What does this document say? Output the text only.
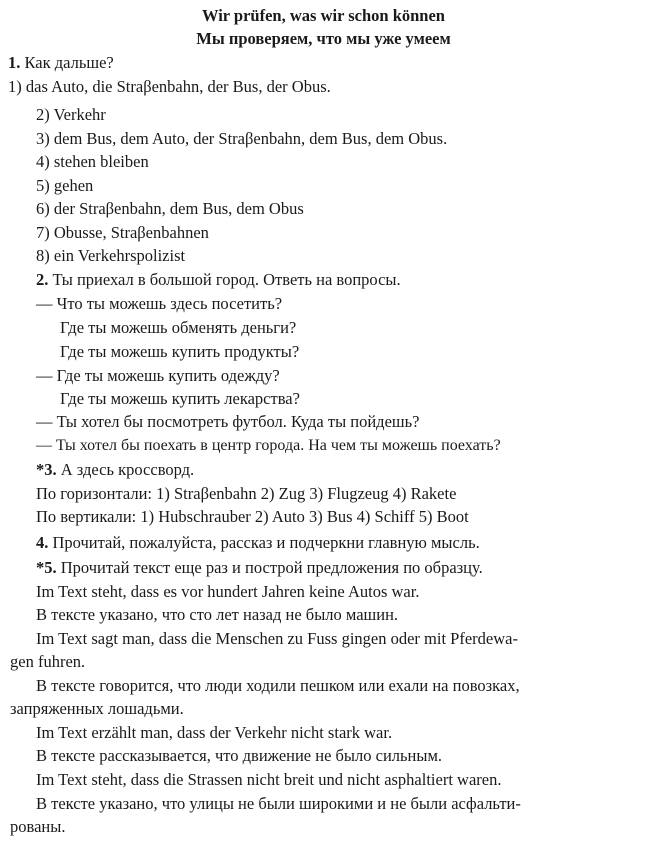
Wir prüfen, was wir schon können
Мы проверяем, что мы уже умеем
1. Как дальше?
1) das Auto, die Straβenbahn, der Bus, der Obus.
2) Verkehr
3) dem Bus, dem Auto, der Straβenbahn, dem Bus, dem Obus.
4) stehen bleiben
5) gehen
6) der Straβenbahn, dem Bus, dem Obus
7) Obusse, Straβenbahnen
8) ein Verkehrspolizist
2. Ты приехал в большой город. Ответь на вопросы.
— Что ты можешь здесь посетить?
Где ты можешь обменять деньги?
Где ты можешь купить продукты?
— Где ты можешь купить одежду?
Где ты можешь купить лекарства?
— Ты хотел бы посмотреть футбол. Куда ты пойдешь?
— Ты хотел бы поехать в центр города. На чем ты можешь поехать?
*3. А здесь кроссворд.
По горизонтали: 1) Straβenbahn 2) Zug 3) Flugzeug 4) Rakete
По вертикали: 1) Hubschrauber 2) Auto 3) Bus 4) Schiff 5) Boot
4. Прочитай, пожалуйста, рассказ и подчеркни главную мысль.
*5. Прочитай текст еще раз и построй предложения по образцу.
Im Text steht, dass es vor hundert Jahren keine Autos war.
В тексте указано, что сто лет назад не было машин.
Im Text sagt man, dass die Menschen zu Fuss gingen oder mit Pferdewa-
gen fuhren.
В тексте говорится, что люди ходили пешком или ехали на повозках,
запряженных лошадьми.
Im Text erzählt man, dass der Verkehr nicht stark war.
В тексте рассказывается, что движение не было сильным.
Im Text steht, dass die Strassen nicht breit und nicht asphaltiert waren.
В тексте указано, что улицы не были широкими и не были асфальти-
рованы.
